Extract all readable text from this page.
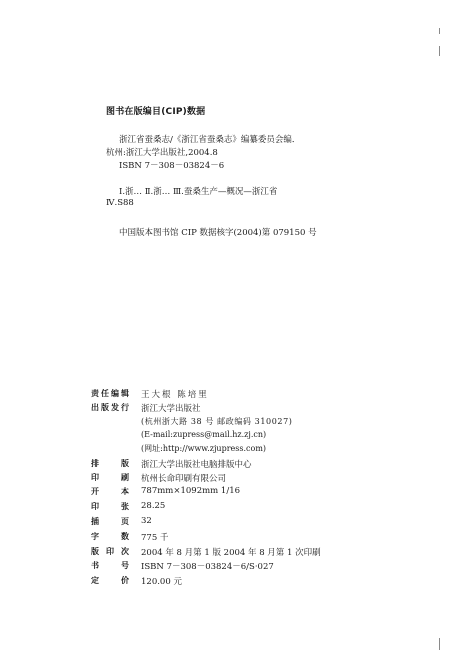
图书在版编目(CIP)数据
浙江省蚕桑志/《浙江省蚕桑志》编纂委员会编．
杭州:浙江大学出版社,2004.8
ISBN 7－308－03824－6
Ⅰ.浙… Ⅱ.浙… Ⅲ.蚕桑生产—概况—浙江省
Ⅳ.S88
中国版本图书馆 CIP 数据核字(2004)第 079150 号
责 任 编 辑 王大根 陈培里
出 版 发 行 浙江大学出版社
(杭州浙大路 38 号 邮政编码 310027)
(E-mail:zupress@mail.hz.zj.cn)
(网址:http://www.zjupress.com)
排	版 浙江大学出版社电脑排版中心
印	刷 杭州长命印刷有限公司
开	本 787mm×1092mm 1/16
印	张 28.25
插	页 32
字	数 775 千
版 印 次 2004 年 8 月第 1 版 2004 年 8 月第 1 次印刷
书	号 ISBN 7－308－03824－6/S·027
定	价 120.00 元
